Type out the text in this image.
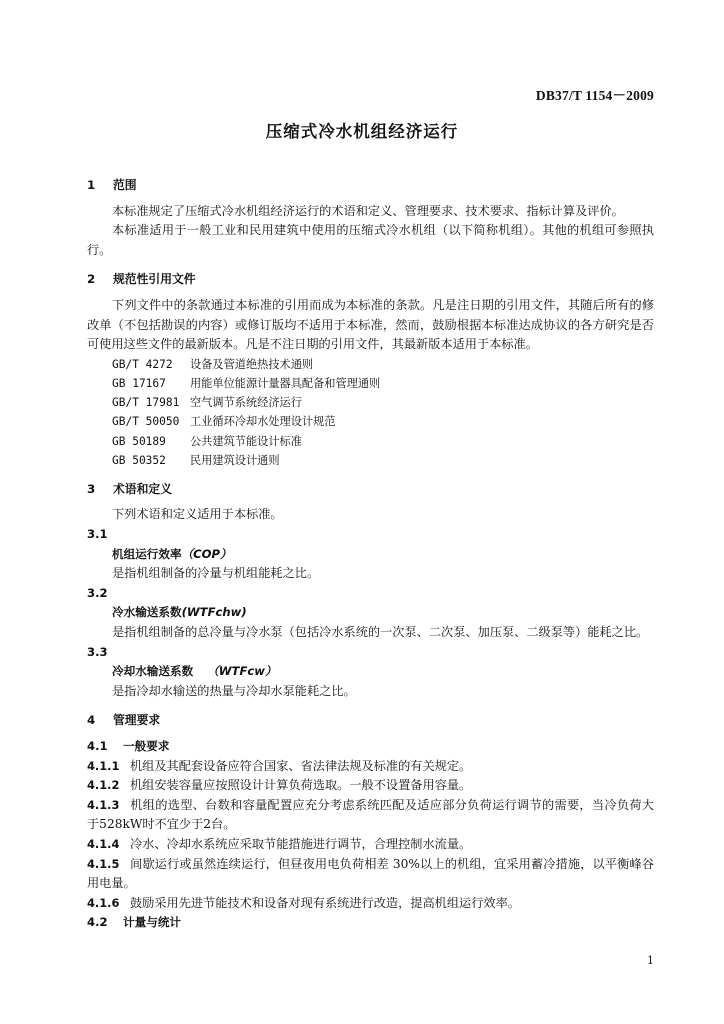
DB37/T 1154－2009
压缩式冷水机组经济运行
1	范围

本标准规定了压缩式冷水机组经济运行的术语和定义、管理要求、技术要求、指标计算及评价。

本标准适用于一般工业和民用建筑中使用的压缩式冷水机组（以下简称机组）。其他的机组可参照执行。

2	规范性引用文件

下列文件中的条款通过本标准的引用而成为本标准的条款。凡是注日期的引用文件，其随后所有的修改单（不包括勘误的内容）或修订版均不适用于本标准，然而，鼓励根据本标准达成协议的各方研究是否可使用这些文件的最新版本。凡是不注日期的引用文件，其最新版本适用于本标准。

GB/T 4272 设备及管道绝热技术通则
GB 17167 用能单位能源计量器具配备和管理通则
GB/T 17981 空气调节系统经济运行
GB/T 50050 工业循环冷却水处理设计规范
GB 50189 公共建筑节能设计标准
GB 50352 民用建筑设计通则
3	术语和定义

下列术语和定义适用于本标准。

3.1
机组运行效率（COP）
是指机组制备的冷量与机组能耗之比。
3.2
冷水输送系数(WTFchw)
是指机组制备的总冷量与冷水泵（包括冷水系统的一次泵、二次泵、加压泵、二级泵等）能耗之比。
3.3
冷却水输送系数 （WTFcw）
是指冷却水输送的热量与冷却水泵能耗之比。
4	管理要求
4.1 一般要求

4.1.1 机组及其配套设备应符合国家、省法律法规及标准的有关规定。

4.1.2 机组安装容量应按照设计计算负荷选取。一般不设置备用容量。

4.1.3 机组的选型、台数和容量配置应充分考虑系统匹配及适应部分负荷运行调节的需要，当冷负荷大于528kW时不宜少于2台。

4.1.4 冷水、冷却水系统应采取节能措施进行调节，合理控制水流量。

4.1.5 间歇运行或虽然连续运行，但昼夜用电负荷相差 30%以上的机组，宜采用蓄冷措施，以平衡峰谷用电量。

4.1.6 鼓励采用先进节能技术和设备对现有系统进行改造，提高机组运行效率。

4.2 计量与统计
1
